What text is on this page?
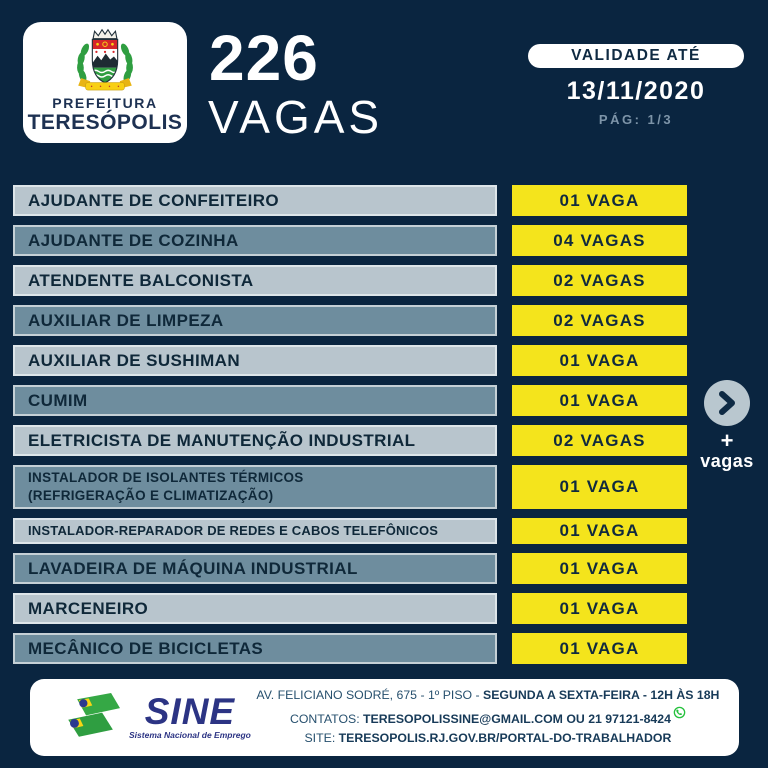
PREFEITURA
TERESÓPOLIS
226
VAGAS
VALIDADE ATÉ
13/11/2020
PÁG: 1/3
AJUDANTE DE CONFEITEIRO	01 VAGA
AJUDANTE DE COZINHA	04 VAGAS
ATENDENTE BALCONISTA	02 VAGAS
AUXILIAR DE LIMPEZA	02 VAGAS
AUXILIAR DE SUSHIMAN	01 VAGA
CUMIM	01 VAGA
ELETRICISTA DE MANUTENÇÃO INDUSTRIAL	02 VAGAS
INSTALADOR DE ISOLANTES TÉRMICOS
(REFRIGERAÇÃO E CLIMATIZAÇÃO)	01 VAGA
INSTALADOR-REPARADOR DE REDES E CABOS TELEFÔNICOS	01 VAGA
LAVADEIRA DE MÁQUINA INDUSTRIAL	01 VAGA
MARCENEIRO	01 VAGA
MECÂNICO DE BICICLETAS	01 VAGA
+
vagas
SINE
Sistema Nacional de Emprego
AV. FELICIANO SODRÉ, 675 - 1º PISO - SEGUNDA A SEXTA-FEIRA - 12H ÀS 18H
CONTATOS: TERESOPOLISSINE@GMAIL.COM OU 21 97121-8424
SITE: TERESOPOLIS.RJ.GOV.BR/PORTAL-DO-TRABALHADOR
